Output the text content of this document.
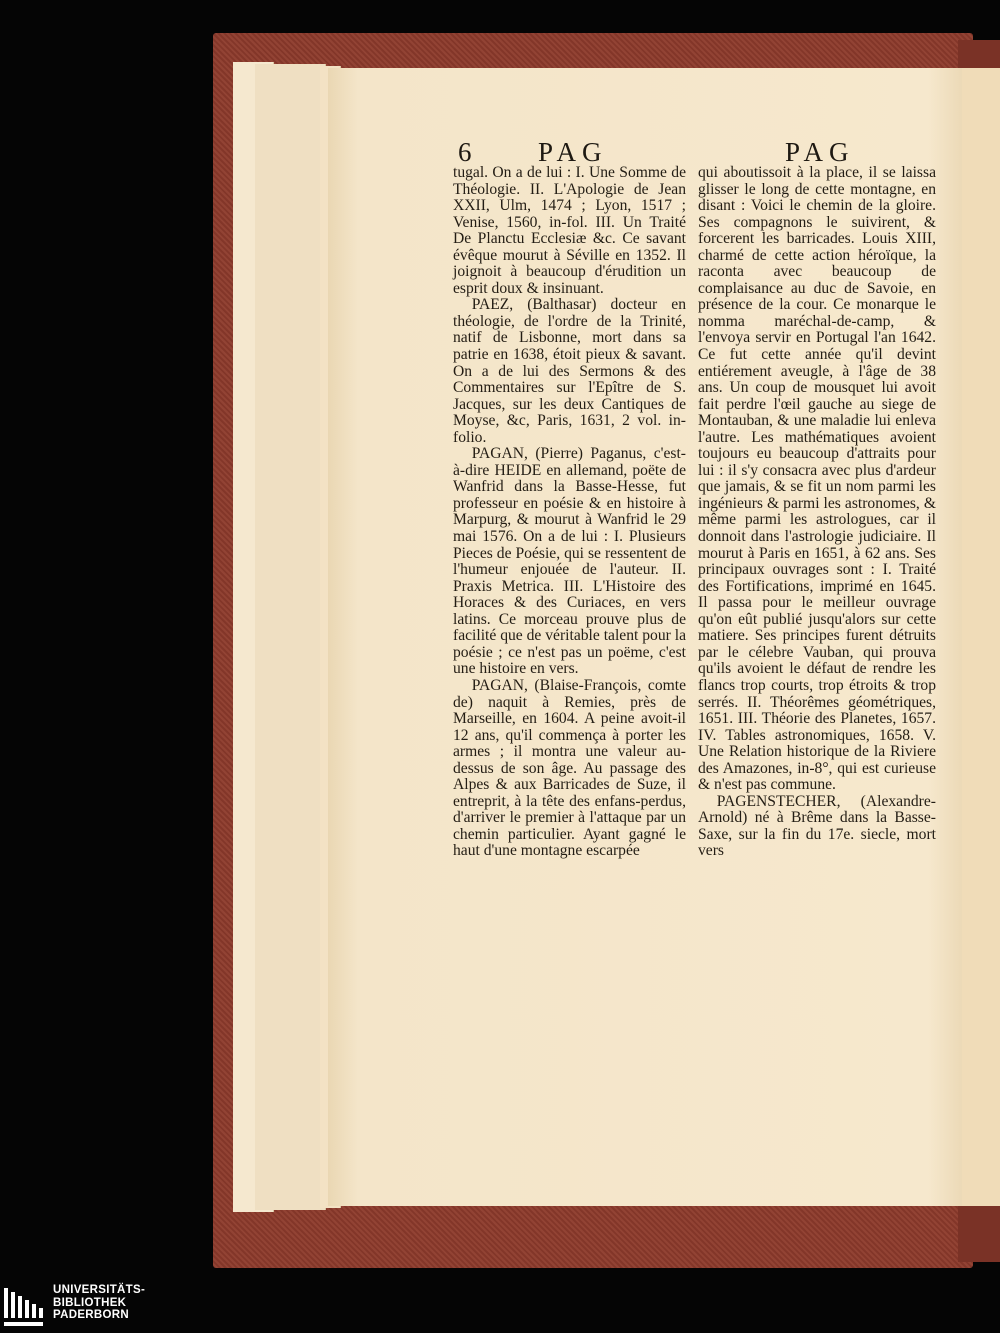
6 PAG	PAG

tugal. On a de lui : I. Une Somme de Théologie. II. L'Apologie de Jean XXII, Ulm, 1474 ; Lyon, 1517 ; Venise, 1560, in-fol. III. Un Traité De Planctu Ecclesiæ &c. Ce savant évêque mourut à Séville en 1352. Il joignoit à beaucoup d'érudition un esprit doux & insinuant.

PAEZ, (Balthasar) docteur en théologie, de l'ordre de la Trinité, natif de Lisbonne, mort dans sa patrie en 1638, étoit pieux & savant. On a de lui des Sermons & des Commentaires sur l'Epître de S. Jacques, sur les deux Cantiques de Moyse, &c, Paris, 1631, 2 vol. in-folio.

PAGAN, (Pierre) Paganus, c'est-à-dire HEIDE en allemand, poëte de Wanfrid dans la Basse-Hesse, fut professeur en poésie & en histoire à Marpurg, & mourut à Wanfrid le 29 mai 1576. On a de lui : I. Plusieurs Pieces de Poésie, qui se ressentent de l'humeur enjouée de l'auteur. II. Praxis Metrica. III. L'Histoire des Horaces & des Curiaces, en vers latins. Ce morceau prouve plus de facilité que de véritable talent pour la poésie ; ce n'est pas un poëme, c'est une histoire en vers.

PAGAN, (Blaise-François, comte de) naquit à Remies, près de Marseille, en 1604. A peine avoit-il 12 ans, qu'il commença à porter les armes ; il montra une valeur au-dessus de son âge. Au passage des Alpes & aux Barricades de Suze, il entreprit, à la tête des enfans-perdus, d'arriver le premier à l'attaque par un chemin particulier. Ayant gagné le haut d'une montagne escarpée

qui aboutissoit à la place, il se laissa glisser le long de cette montagne, en disant : Voici le chemin de la gloire. Ses compagnons le suivirent, & forcerent les barricades. Louis XIII, charmé de cette action héroïque, la raconta avec beaucoup de complaisance au duc de Savoie, en présence de la cour. Ce monarque le nomma maréchal-de-camp, & l'envoya servir en Portugal l'an 1642. Ce fut cette année qu'il devint entiérement aveugle, à l'âge de 38 ans. Un coup de mousquet lui avoit fait perdre l'œil gauche au siege de Montauban, & une maladie lui enleva l'autre. Les mathématiques avoient toujours eu beaucoup d'attraits pour lui : il s'y consacra avec plus d'ardeur que jamais, & se fit un nom parmi les ingénieurs & parmi les astronomes, & même parmi les astrologues, car il donnoit dans l'astrologie judiciaire. Il mourut à Paris en 1651, à 62 ans. Ses principaux ouvrages sont : I. Traité des Fortifications, imprimé en 1645. Il passa pour le meilleur ouvrage qu'on eût publié jusqu'alors sur cette matiere. Ses principes furent détruits par le célebre Vauban, qui prouva qu'ils avoient le défaut de rendre les flancs trop courts, trop étroits & trop serrés. II. Théorêmes géométriques, 1651. III. Théorie des Planetes, 1657. IV. Tables astronomiques, 1658. V. Une Relation historique de la Riviere des Amazones, in-8°, qui est curieuse & n'est pas commune.

PAGENSTECHER, (Alexandre-Arnold) né à Brême dans la Basse-Saxe, sur la fin du 17e. siecle, mort vers

UNIVERSITÄTS-
BIBLIOTHEK
PADERBORN
